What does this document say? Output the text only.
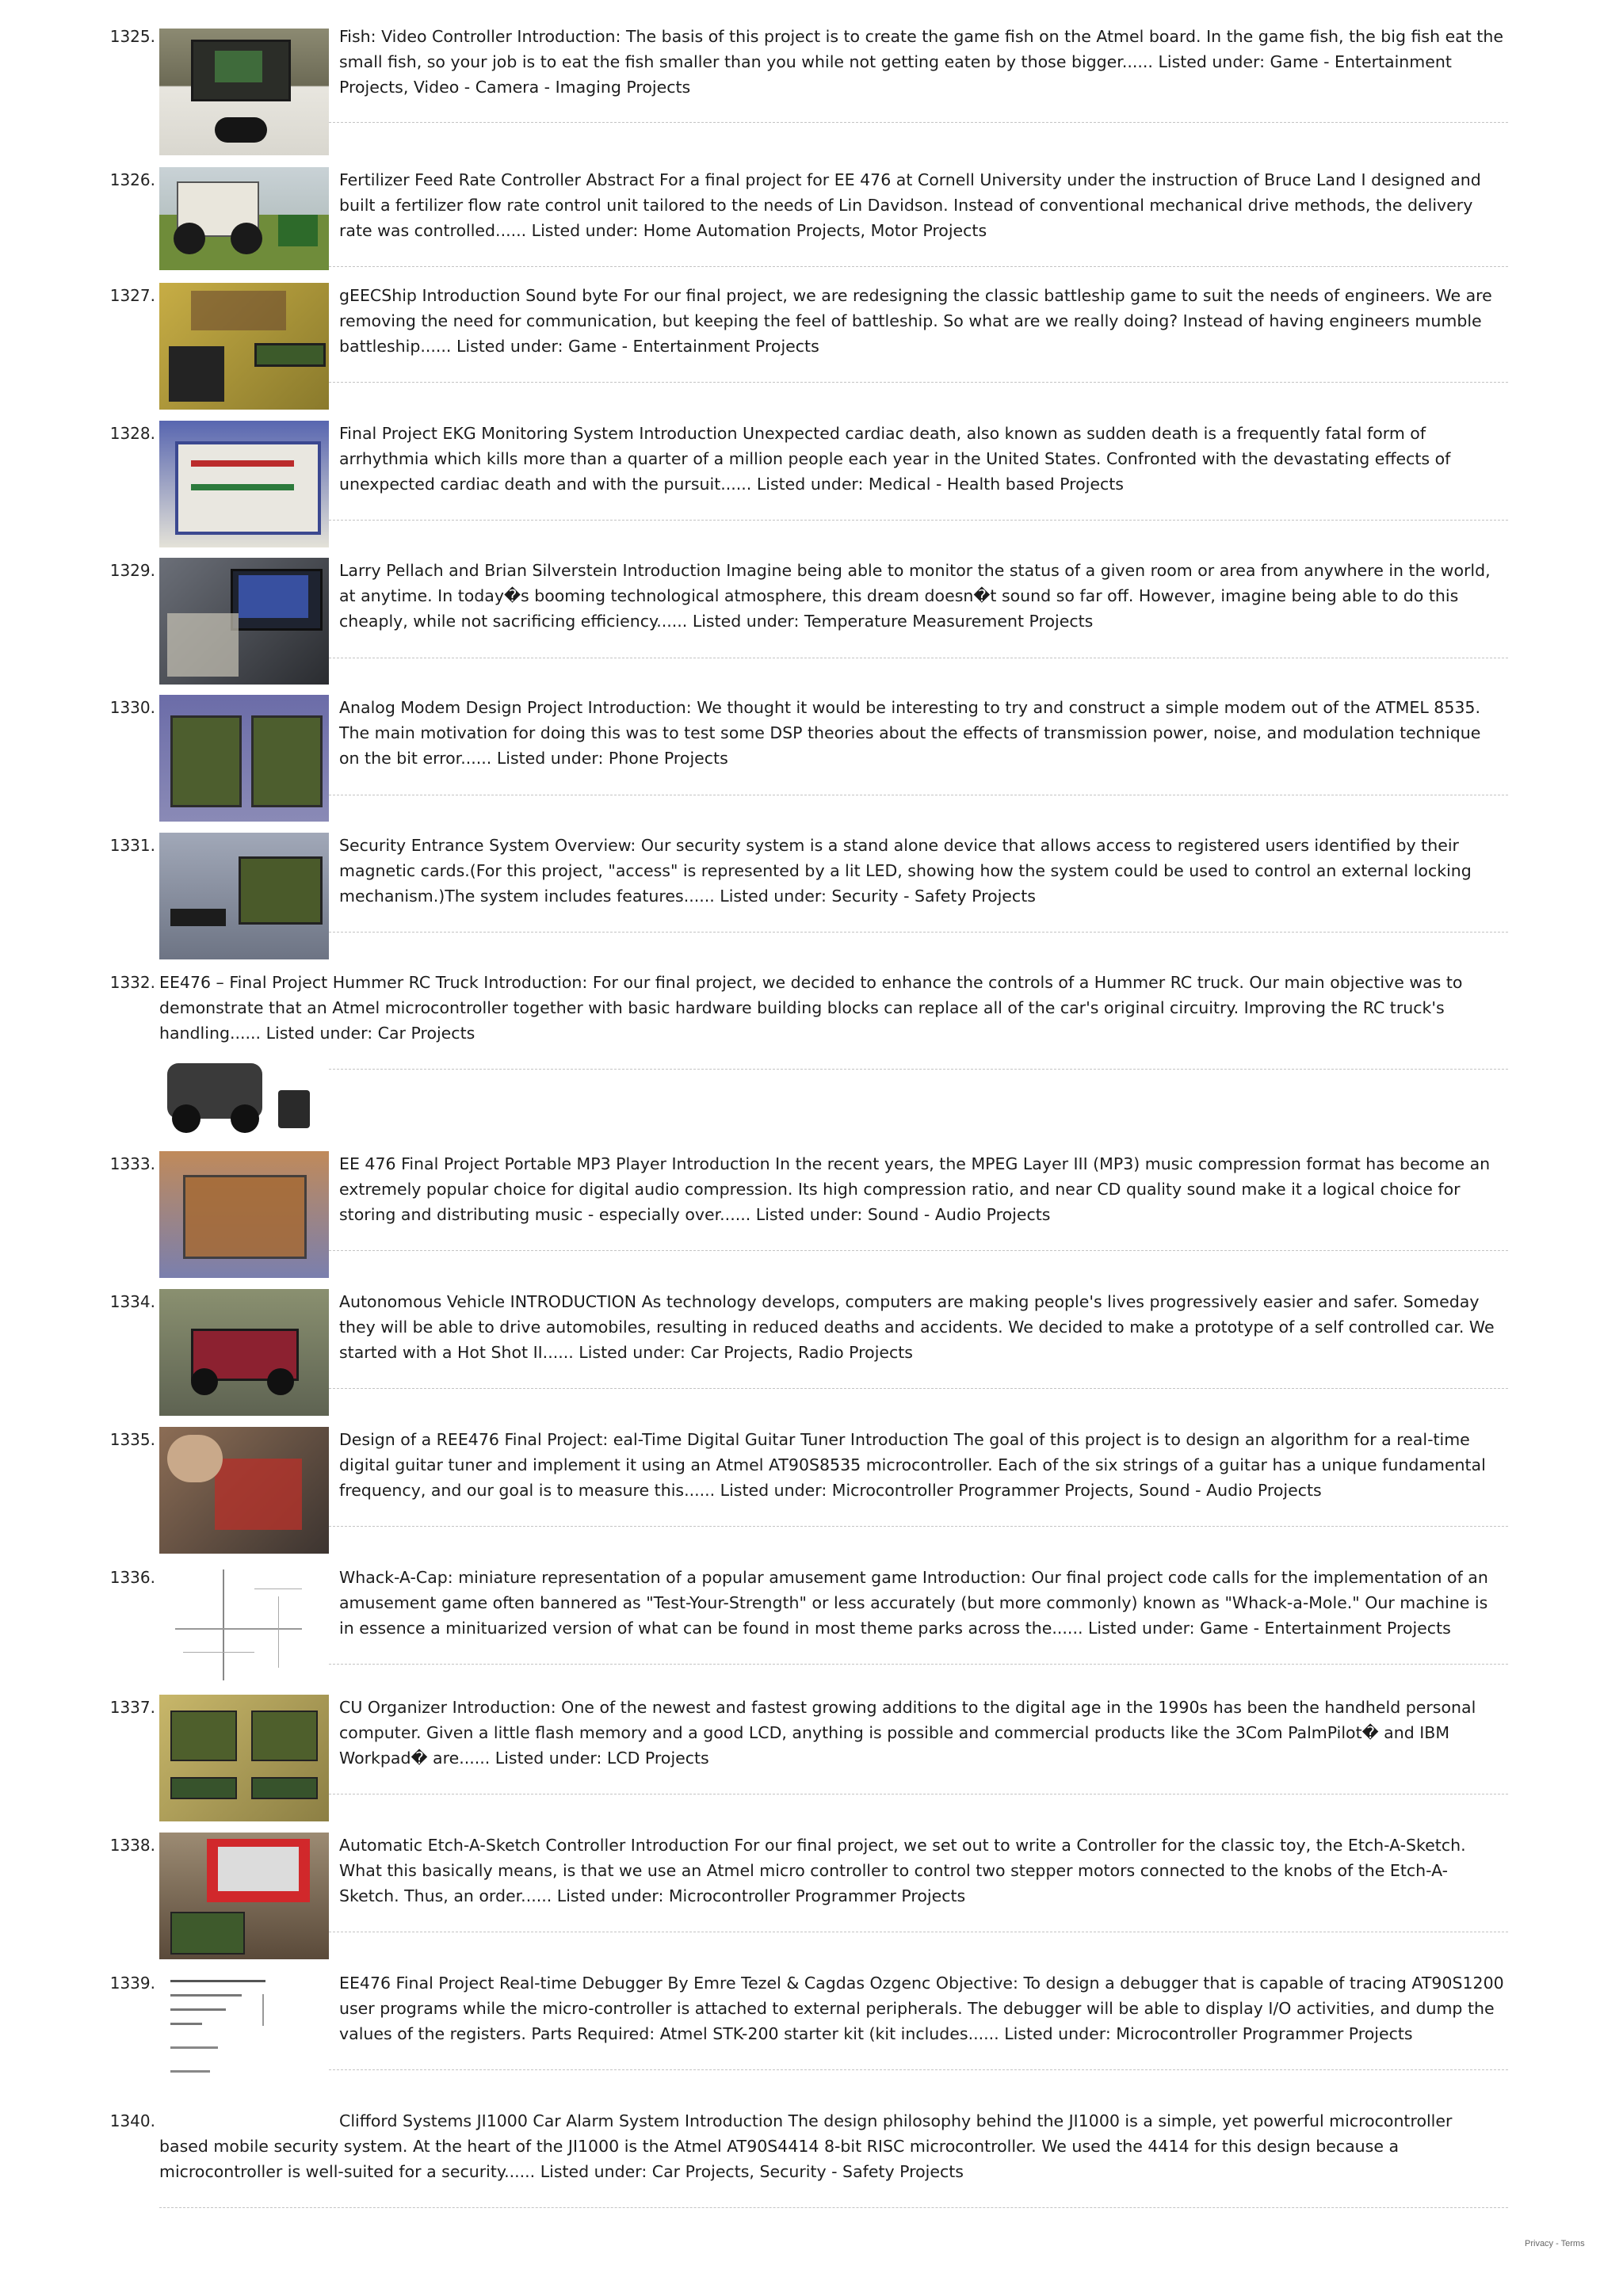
1325.	Fish: Video Controller Introduction: The basis of this project is to create the game fish on the Atmel board. In the game fish, the big fish eat the small fish, so your job is to eat the fish smaller than you while not getting eaten by those bigger...... Listed under: Game - Entertainment Projects, Video - Camera - Imaging Projects

1326.	Fertilizer Feed Rate Controller Abstract For a final project for EE 476 at Cornell University under the instruction of Bruce Land I designed and built a fertilizer flow rate control unit tailored to the needs of Lin Davidson. Instead of conventional mechanical drive methods, the delivery rate was controlled...... Listed under: Home Automation Projects, Motor Projects

1327.	gEECShip Introduction Sound byte For our final project, we are redesigning the classic battleship game to suit the needs of engineers. We are removing the need for communication, but keeping the feel of battleship. So what are we really doing? Instead of having engineers mumble battleship...... Listed under: Game - Entertainment Projects

1328.	Final Project EKG Monitoring System Introduction Unexpected cardiac death, also known as sudden death is a frequently fatal form of arrhythmia which kills more than a quarter of a million people each year in the United States. Confronted with the devastating effects of unexpected cardiac death and with the pursuit...... Listed under: Medical - Health based Projects

1329.	Larry Pellach and Brian Silverstein Introduction Imagine being able to monitor the status of a given room or area from anywhere in the world, at anytime. In today�s booming technological atmosphere, this dream doesn�t sound so far off. However, imagine being able to do this cheaply, while not sacrificing efficiency...... Listed under: Temperature Measurement Projects

1330.	Analog Modem Design Project Introduction: We thought it would be interesting to try and construct a simple modem out of the ATMEL 8535. The main motivation for doing this was to test some DSP theories about the effects of transmission power, noise, and modulation technique on the bit error...... Listed under: Phone Projects

1331.	Security Entrance System Overview: Our security system is a stand alone device that allows access to registered users identified by their magnetic cards.(For this project, "access" is represented by a lit LED, showing how the system could be used to control an external locking mechanism.)The system includes features...... Listed under: Security - Safety Projects

1332. EE476 – Final Project Hummer RC Truck Introduction: For our final project, we decided to enhance the controls of a Hummer RC truck. Our main objective was to demonstrate that an Atmel microcontroller together with basic hardware building blocks can replace all of the car's original circuitry. Improving the RC truck's handling...... Listed under: Car Projects

1333.	EE 476 Final Project Portable MP3 Player Introduction In the recent years, the MPEG Layer III (MP3) music compression format has become an extremely popular choice for digital audio compression. Its high compression ratio, and near CD quality sound make it a logical choice for storing and distributing music - especially over...... Listed under: Sound - Audio Projects

1334.	Autonomous Vehicle INTRODUCTION As technology develops, computers are making people's lives progressively easier and safer. Someday they will be able to drive automobiles, resulting in reduced deaths and accidents. We decided to make a prototype of a self controlled car. We started with a Hot Shot II...... Listed under: Car Projects, Radio Projects

1335.	Design of a REE476 Final Project: eal-Time Digital Guitar Tuner Introduction The goal of this project is to design an algorithm for a real-time digital guitar tuner and implement it using an Atmel AT90S8535 microcontroller. Each of the six strings of a guitar has a unique fundamental frequency, and our goal is to measure this...... Listed under: Microcontroller Programmer Projects, Sound - Audio Projects

1336.	Whack-A-Cap: miniature representation of a popular amusement game Introduction: Our final project code calls for the implementation of an amusement game often bannered as "Test-Your-Strength" or less accurately (but more commonly) known as "Whack-a-Mole." Our machine is in essence a minituarized version of what can be found in most theme parks across the...... Listed under: Game - Entertainment Projects

1337.	CU Organizer Introduction: One of the newest and fastest growing additions to the digital age in the 1990s has been the handheld personal computer. Given a little flash memory and a good LCD, anything is possible and commercial products like the 3Com PalmPilot� and IBM Workpad� are...... Listed under: LCD Projects

1338.	Automatic Etch-A-Sketch Controller Introduction For our final project, we set out to write a Controller for the classic toy, the Etch-A-Sketch. What this basically means, is that we use an Atmel micro controller to control two stepper motors connected to the knobs of the Etch-A-Sketch. Thus, an order...... Listed under: Microcontroller Programmer Projects

1339.	EE476 Final Project Real-time Debugger By Emre Tezel & Cagdas Ozgenc Objective: To design a debugger that is capable of tracing AT90S1200 user programs while the micro-controller is attached to external peripherals. The debugger will be able to display I/O activities, and dump the values of the registers. Parts Required: Atmel STK-200 starter kit (kit includes...... Listed under: Microcontroller Programmer Projects

1340.	Clifford Systems JI1000 Car Alarm System Introduction The design philosophy behind the JI1000 is a simple, yet powerful microcontroller based mobile security system. At the heart of the JI1000 is the Atmel AT90S4414 8-bit RISC microcontroller. We used the 4414 for this design because a microcontroller is well-suited for a security...... Listed under: Car Projects, Security - Safety Projects

Privacy - Terms
